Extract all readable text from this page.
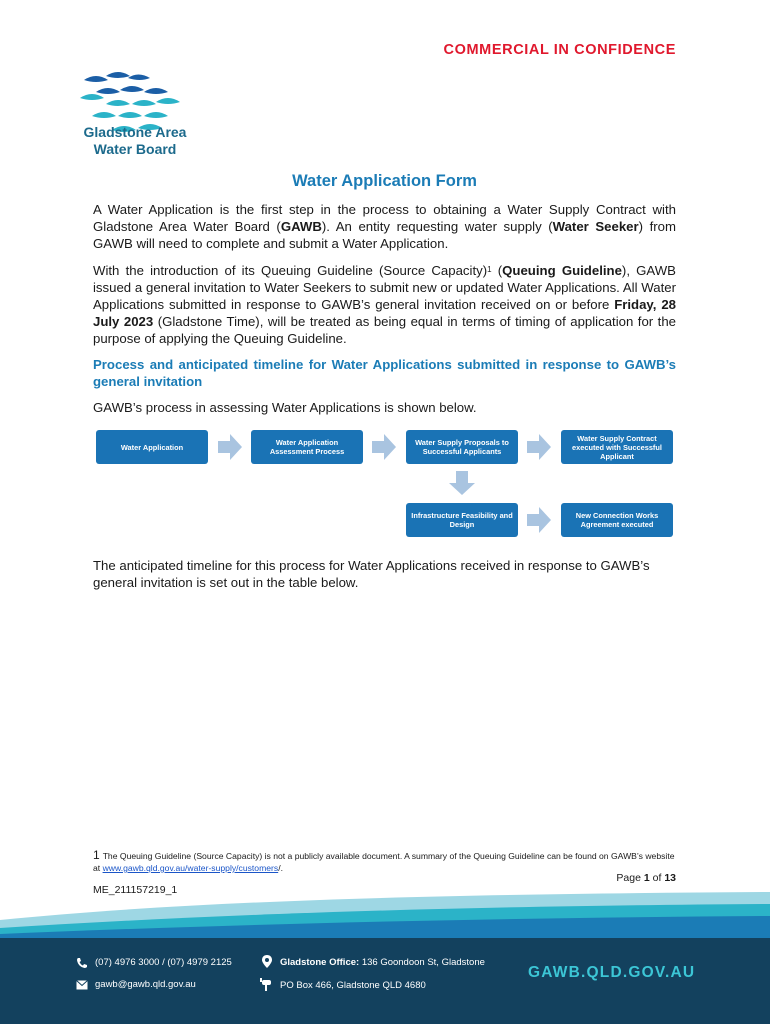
COMMERCIAL IN CONFIDENCE
Gladstone Area
Water Board
Water Application Form

A Water Application is the first step in the process to obtaining a Water Supply Contract with Gladstone Area Water Board (GAWB). An entity requesting water supply (Water Seeker) from GAWB will need to complete and submit a Water Application.

With the introduction of its Queuing Guideline (Source Capacity)$^1$ (Queuing Guideline), GAWB issued a general invitation to Water Seekers to submit new or updated Water Applications. All Water Applications submitted in response to GAWB’s general invitation received on or before Friday, 28 July 2023 (Gladstone Time), will be treated as being equal in terms of timing of application for the purpose of applying the Queuing Guideline.

Process and anticipated timeline for Water Applications submitted in response to GAWB’s general invitation

GAWB’s process in assessing Water Applications is shown below.

Water Application	Water Application Assessment Process
Water Supply Proposals to Successful Applicants
Water Supply Contract executed with Successful Applicant
Infrastructure Feasibility and Design
New Connection Works Agreement executed

The anticipated timeline for this process for Water Applications received in response to GAWB’s general invitation is set out in the table below.

1 The Queuing Guideline (Source Capacity) is not a publicly available document. A summary of the Queuing Guideline can be found on GAWB’s website at www.gawb.qld.gov.au/water-supply/customers/.
Page 1 of 13
ME_211157219_1
(07) 4976 3000 / (07) 4979 2125
gawb@gawb.qld.gov.au
Gladstone Office: 136 Goondoon St, Gladstone
PO Box 466, Gladstone QLD 4680
GAWB.QLD.GOV.AU
